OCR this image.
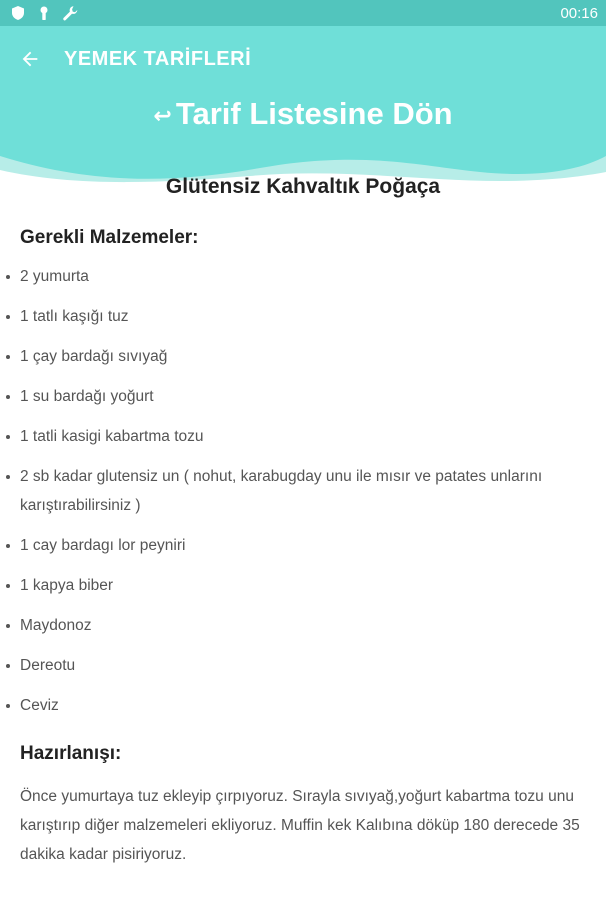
00:16
YEMEK TARİFLERİ
↩ Tarif Listesine Dön
Glütensiz Kahvaltık Poğaça
Gerekli Malzemeler:
2 yumurta
1 tatlı kaşığı tuz
1 çay bardağı sıvıyağ
1 su bardağı yoğurt
1 tatli kasigi kabartma tozu
2 sb kadar glutensiz un ( nohut, karabugday unu ile mısır ve patates unlarını karıştırabilirsiniz )
1 cay bardagı lor peyniri
1 kapya biber
Maydonoz
Dereotu
Ceviz
Hazırlanışı:
Önce yumurtaya tuz ekleyip çırpıyoruz. Sırayla sıvıyağ,yoğurt kabartma tozu unu karıştırıp diğer malzemeleri ekliyoruz. Muffin kek Kalıbına döküp 180 derecede 35 dakika kadar pisiriyoruz.
